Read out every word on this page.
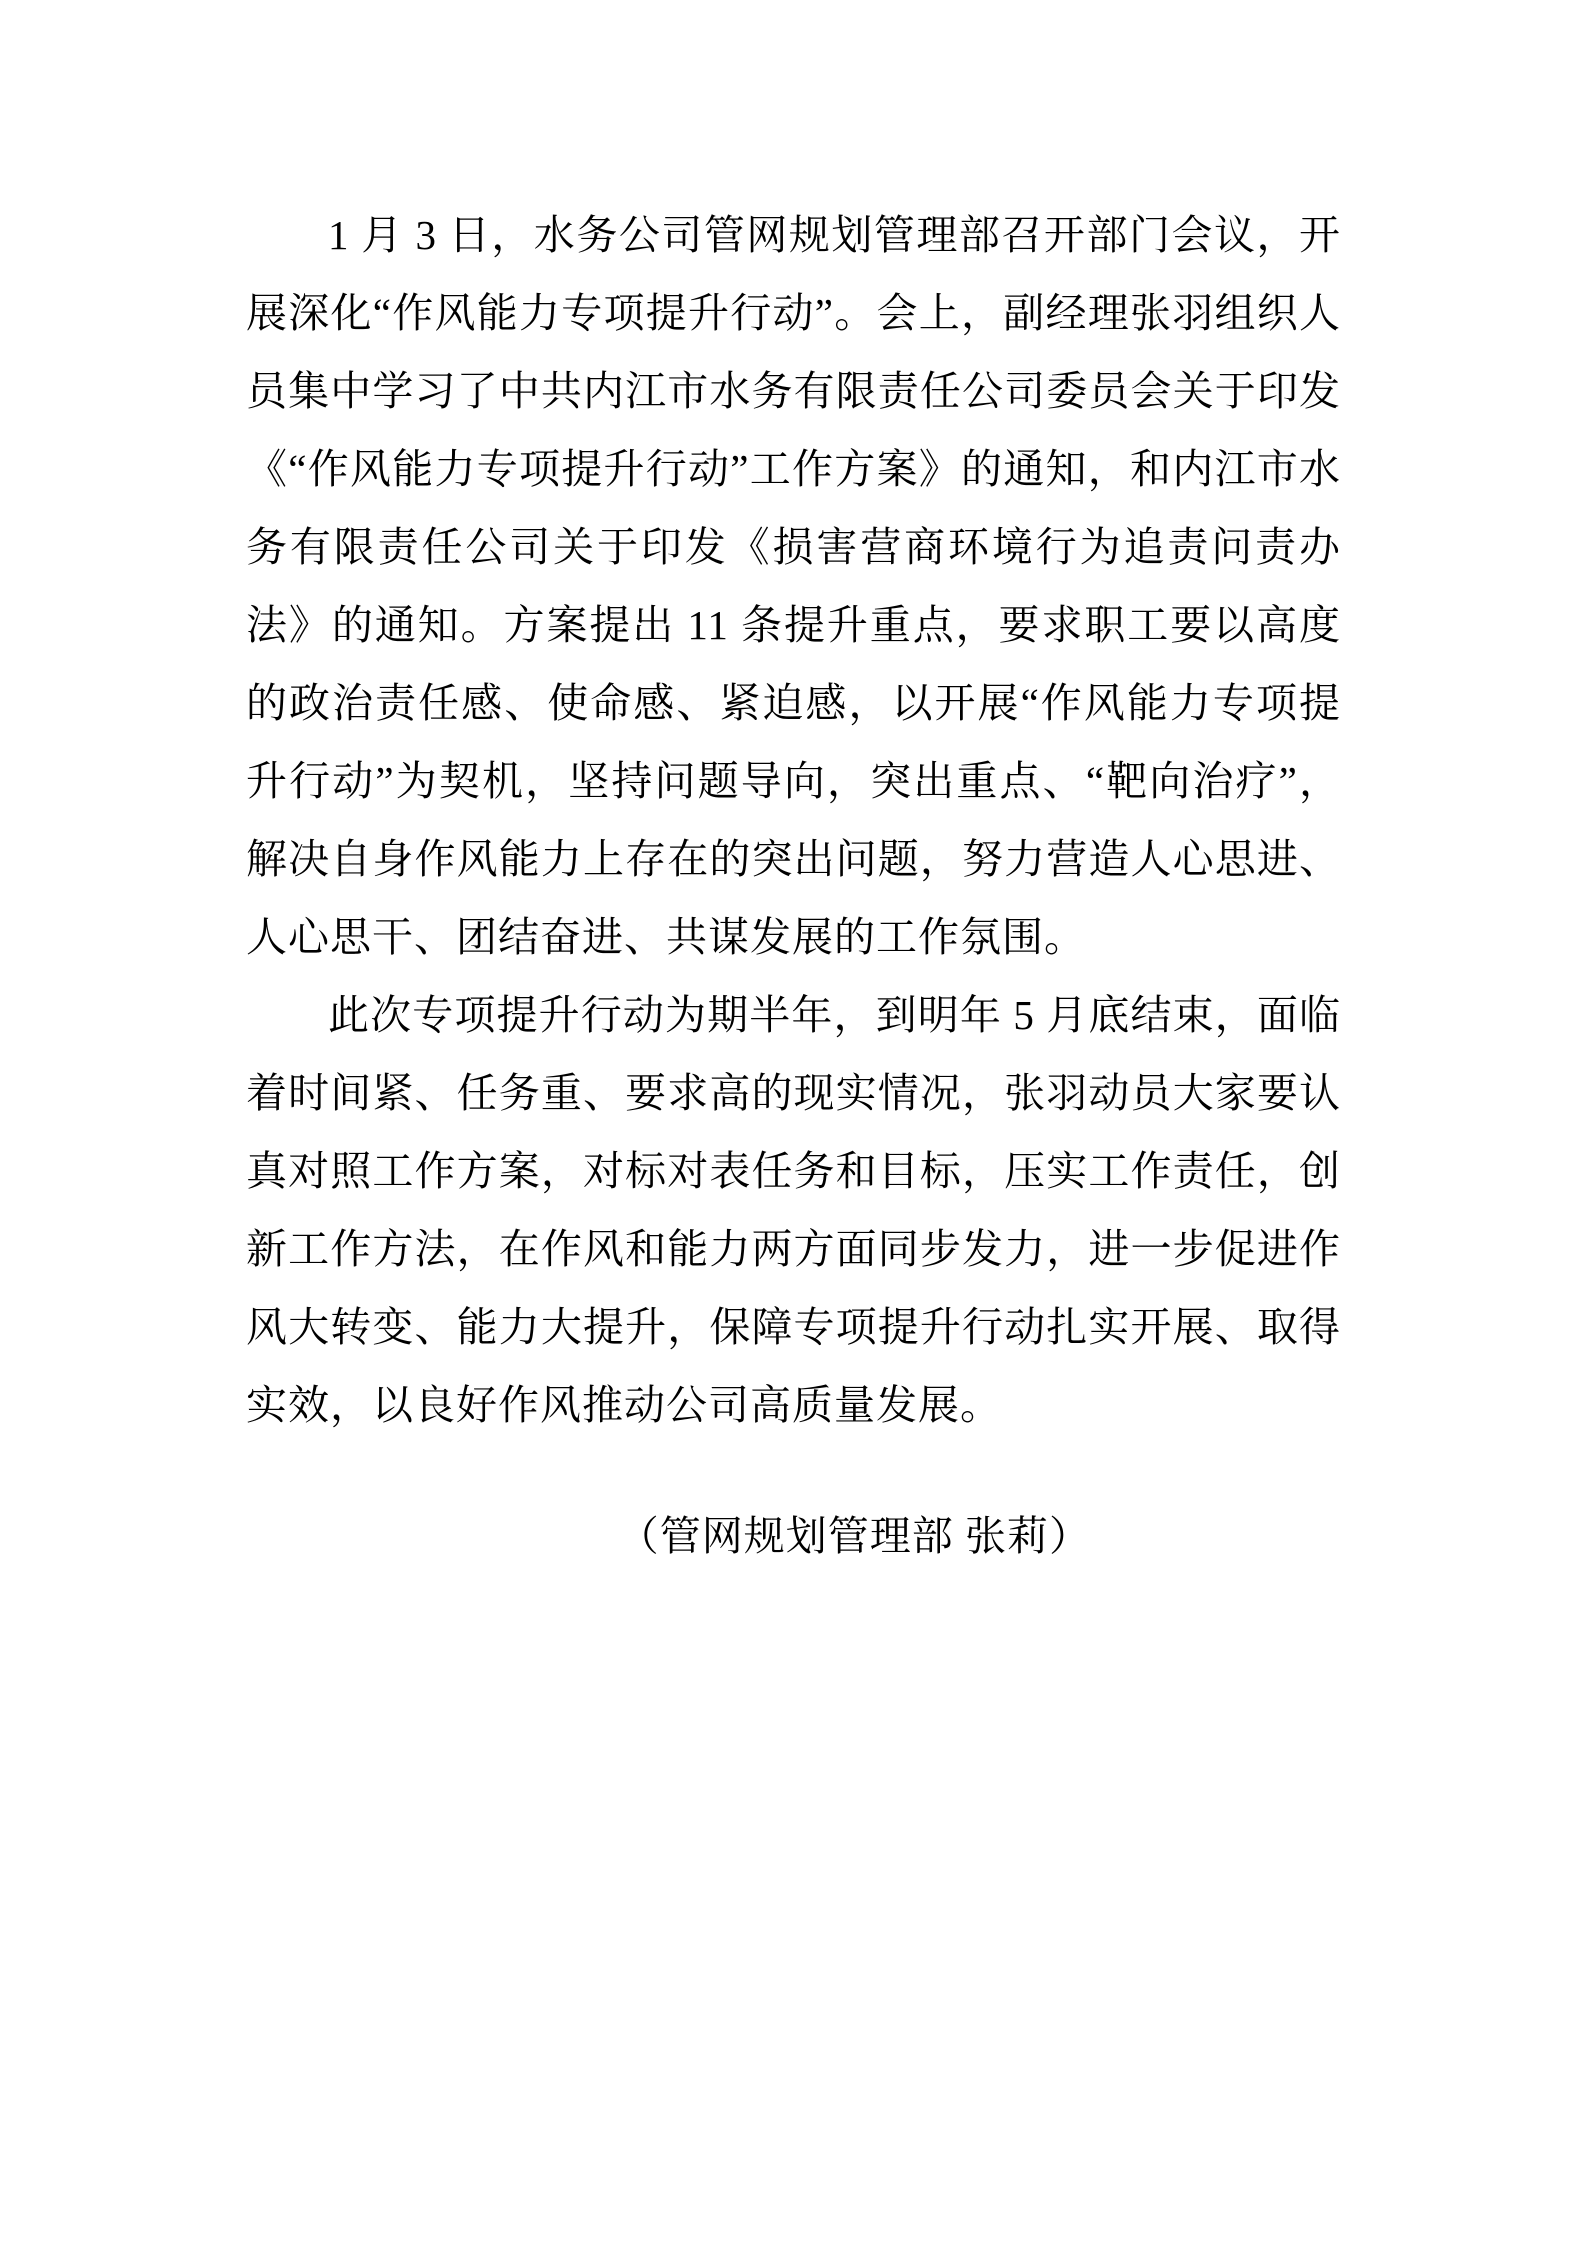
1 月 3 日，水务公司管网规划管理部召开部门会议，开展深化“作风能力专项提升行动”。会上，副经理张羽组织人员集中学习了中共内江市水务有限责任公司委员会关于印发《“作风能力专项提升行动”工作方案》的通知，和内江市水务有限责任公司关于印发《损害营商环境行为追责问责办法》的通知。方案提出 11 条提升重点，要求职工要以高度的政治责任感、使命感、紧迫感，以开展“作风能力专项提升行动”为契机，坚持问题导向，突出重点、“靶向治疗”，解决自身作风能力上存在的突出问题，努力营造人心思进、人心思干、团结奋进、共谋发展的工作氛围。

此次专项提升行动为期半年，到明年 5 月底结束，面临着时间紧、任务重、要求高的现实情况，张羽动员大家要认真对照工作方案，对标对表任务和目标，压实工作责任，创新工作方法，在作风和能力两方面同步发力，进一步促进作风大转变、能力大提升，保障专项提升行动扎实开展、取得实效，以良好作风推动公司高质量发展。

（管网规划管理部 张莉）
